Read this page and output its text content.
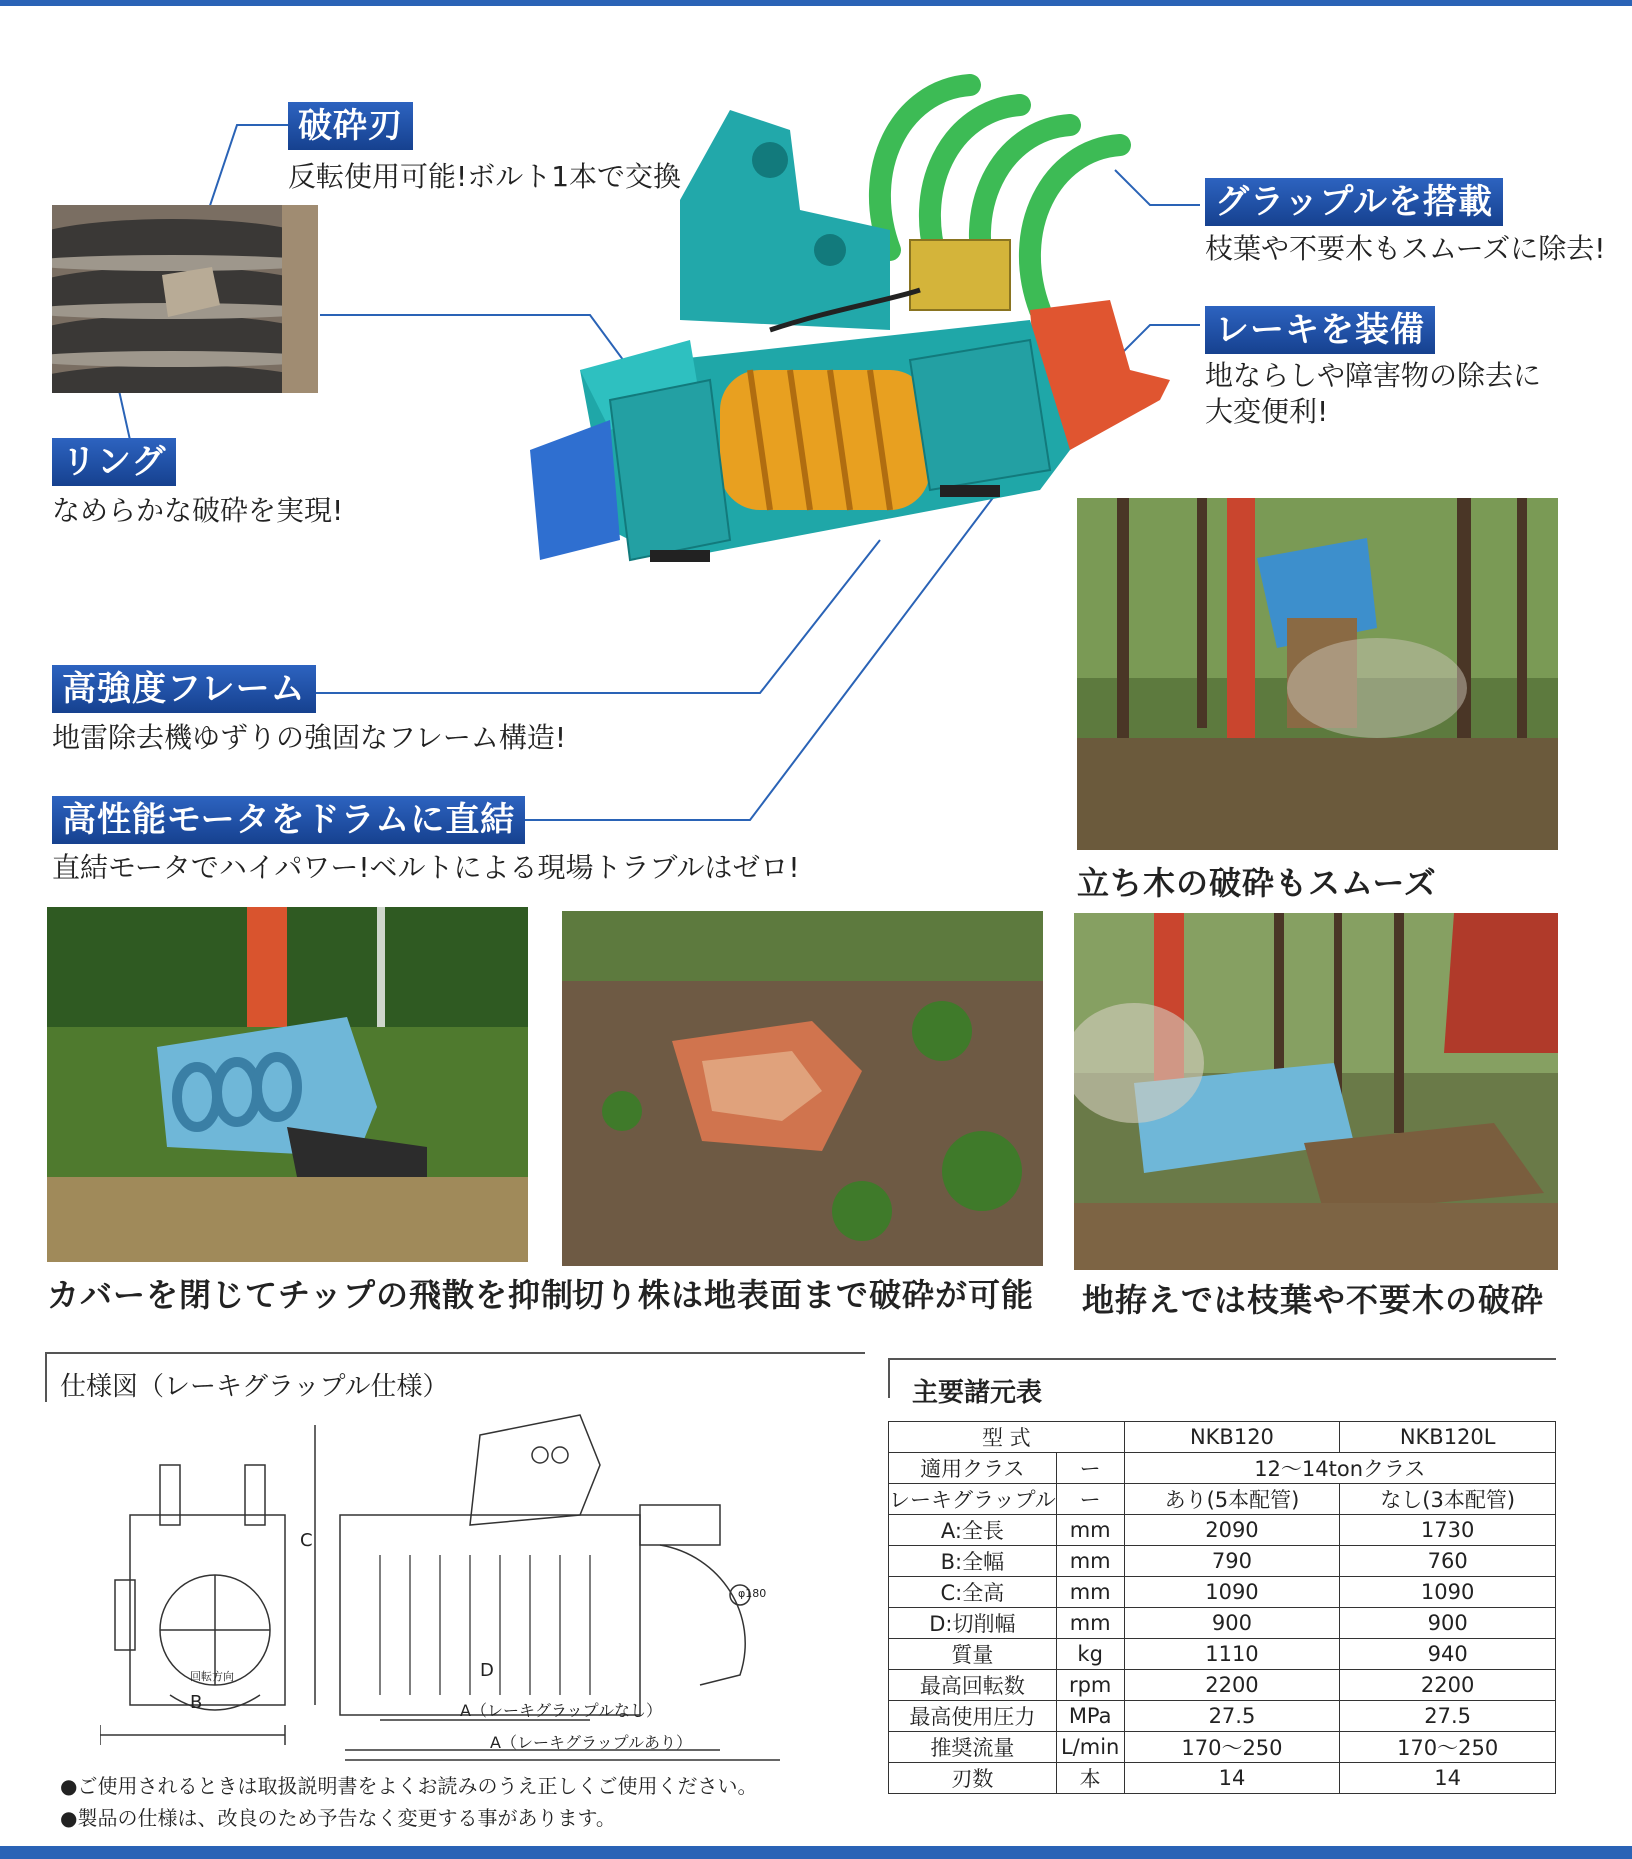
破砕刃
反転使用可能!ボルト1本で交換
リング
なめらかな破砕を実現!
グラップルを搭載
枝葉や不要木もスムーズに除去!
レーキを装備
地ならしや障害物の除去に
大変便利!
高強度フレーム
地雷除去機ゆずりの強固なフレーム構造!
高性能モータをドラムに直結
直結モータでハイパワー!ベルトによる現場トラブルはゼロ!	立ち木の破砕もスムーズ
カバーを閉じてチップの飛散を抑制
切り株は地表面まで破砕が可能 地拵えでは枝葉や不要木の破砕
仕様図（レーキグラップル仕様）
C
B
D
A（レーキグラップルなし）
A（レーキグラップルあり）
回転方向
φ180
●ご使用されるときは取扱説明書をよくお読みのうえ正しくご使用ください。
●製品の仕様は、改良のため予告なく変更する事があります。
主要諸元表
型 式		NKB120	NKB120L
適用クラス	ー	12〜14tonクラス	
レーキグラップル	ー	あり(5本配管)	なし(3本配管)
A:全長	mm	2090	1730
B:全幅	mm	790	760
C:全高	mm	1090	1090
D:切削幅	mm	900	900
質量	kg	1110	940
最高回転数	rpm	2200	2200
最高使用圧力	MPa	27.5	27.5
推奨流量	L/min	170〜250	170〜250
刃数	本	14	14
